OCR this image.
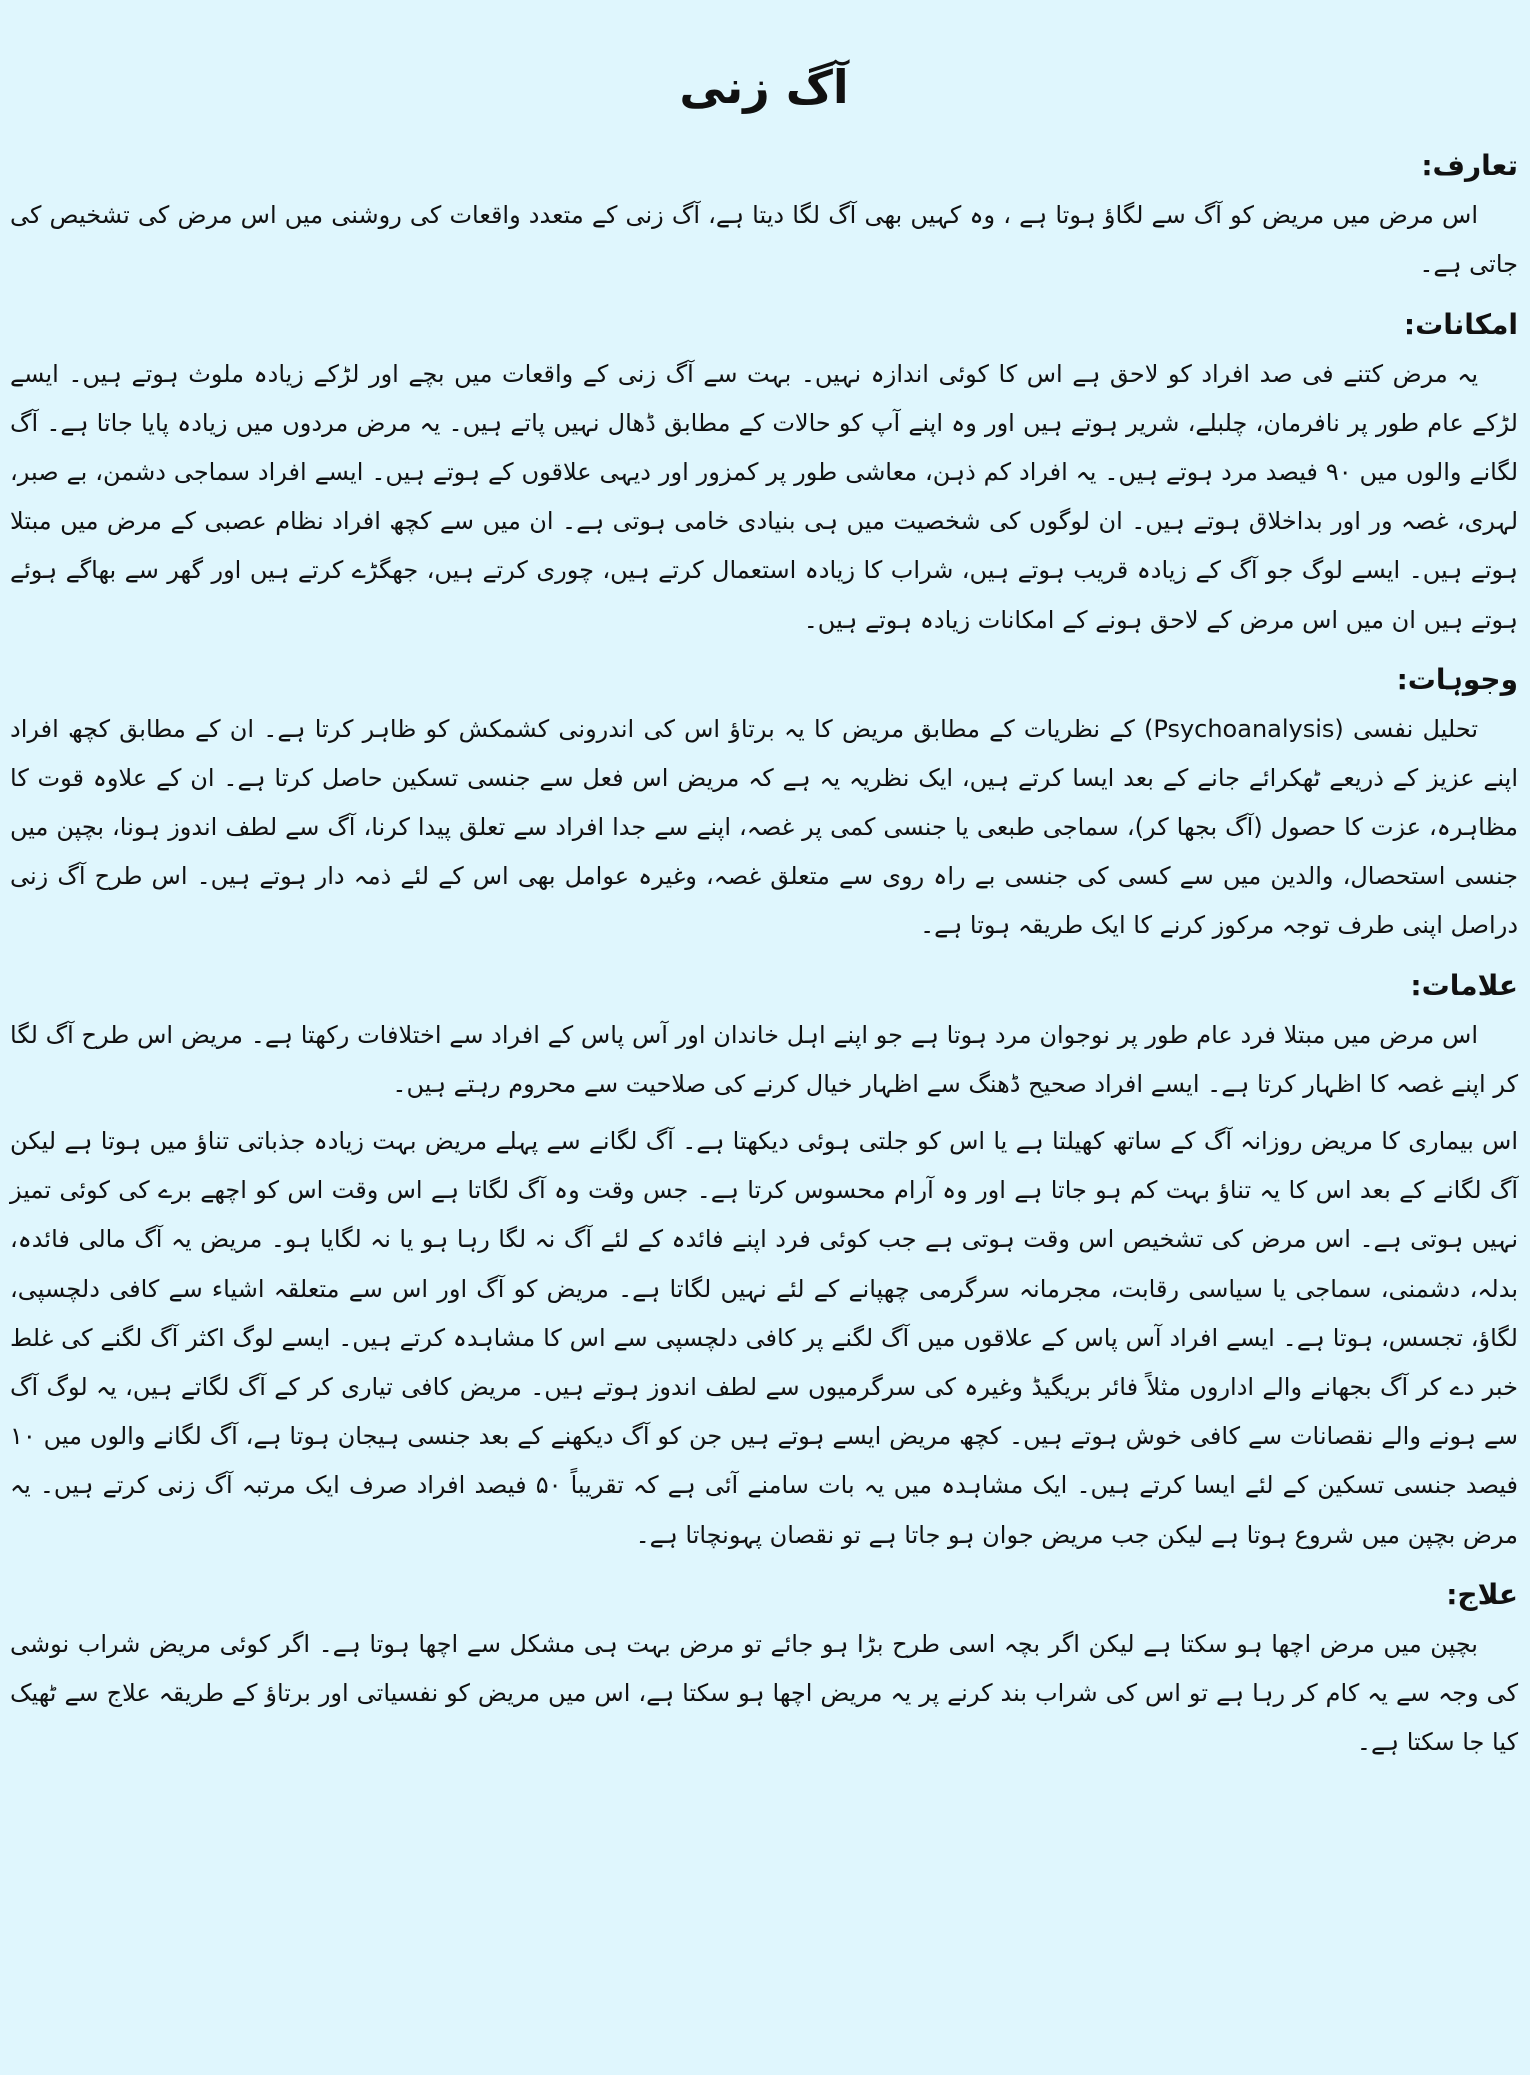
آگ زنی
تعارف:

اس مرض میں مریض کو آگ سے لگاؤ ہوتا ہے ، وہ کہیں بھی آگ لگا دیتا ہے، آگ زنی کے متعدد واقعات کی روشنی میں اس مرض کی تشخیص کی جاتی ہے۔

امکانات:

یہ مرض کتنے فی صد افراد کو لاحق ہے اس کا کوئی اندازہ نہیں۔ بہت سے آگ زنی کے واقعات میں بچے اور لڑکے زیادہ ملوث ہوتے ہیں۔ ایسے لڑکے عام طور پر نافرمان، چلبلے، شریر ہوتے ہیں اور وہ اپنے آپ کو حالات کے مطابق ڈھال نہیں پاتے ہیں۔ یہ مرض مردوں میں زیادہ پایا جاتا ہے۔ آگ لگانے والوں میں ۹۰ فیصد مرد ہوتے ہیں۔ یہ افراد کم ذہن، معاشی طور پر کمزور اور دیہی علاقوں کے ہوتے ہیں۔ ایسے افراد سماجی دشمن، بے صبر، لہری، غصہ ور اور بداخلاق ہوتے ہیں۔ ان لوگوں کی شخصیت میں ہی بنیادی خامی ہوتی ہے۔ ان میں سے کچھ افراد نظام عصبی کے مرض میں مبتلا ہوتے ہیں۔ ایسے لوگ جو آگ کے زیادہ قریب ہوتے ہیں، شراب کا زیادہ استعمال کرتے ہیں، چوری کرتے ہیں، جھگڑے کرتے ہیں اور گھر سے بھاگے ہوئے ہوتے ہیں ان میں اس مرض کے لاحق ہونے کے امکانات زیادہ ہوتے ہیں۔

وجوہات:

تحلیل نفسی (Psychoanalysis) کے نظریات کے مطابق مریض کا یہ برتاؤ اس کی اندرونی کشمکش کو ظاہر کرتا ہے۔ ان کے مطابق کچھ افراد اپنے عزیز کے ذریعے ٹھکرائے جانے کے بعد ایسا کرتے ہیں، ایک نظریہ یہ ہے کہ مریض اس فعل سے جنسی تسکین حاصل کرتا ہے۔ ان کے علاوہ قوت کا مظاہرہ، عزت کا حصول (آگ بجھا کر)، سماجی طبعی یا جنسی کمی پر غصہ، اپنے سے جدا افراد سے تعلق پیدا کرنا، آگ سے لطف اندوز ہونا، بچپن میں جنسی استحصال، والدین میں سے کسی کی جنسی بے راہ روی سے متعلق غصہ، وغیرہ عوامل بھی اس کے لئے ذمہ دار ہوتے ہیں۔ اس طرح آگ زنی دراصل اپنی طرف توجہ مرکوز کرنے کا ایک طریقہ ہوتا ہے۔

علامات:

اس مرض میں مبتلا فرد عام طور پر نوجوان مرد ہوتا ہے جو اپنے اہل خاندان اور آس پاس کے افراد سے اختلافات رکھتا ہے۔ مریض اس طرح آگ لگا کر اپنے غصہ کا اظہار کرتا ہے۔ ایسے افراد صحیح ڈھنگ سے اظہار خیال کرنے کی صلاحیت سے محروم رہتے ہیں۔

اس بیماری کا مریض روزانہ آگ کے ساتھ کھیلتا ہے یا اس کو جلتی ہوئی دیکھتا ہے۔ آگ لگانے سے پہلے مریض بہت زیادہ جذباتی تناؤ میں ہوتا ہے لیکن آگ لگانے کے بعد اس کا یہ تناؤ بہت کم ہو جاتا ہے اور وہ آرام محسوس کرتا ہے۔ جس وقت وہ آگ لگاتا ہے اس وقت اس کو اچھے برے کی کوئی تمیز نہیں ہوتی ہے۔ اس مرض کی تشخیص اس وقت ہوتی ہے جب کوئی فرد اپنے فائدہ کے لئے آگ نہ لگا رہا ہو یا نہ لگایا ہو۔ مریض یہ آگ مالی فائدہ، بدلہ، دشمنی، سماجی یا سیاسی رقابت، مجرمانہ سرگرمی چھپانے کے لئے نہیں لگاتا ہے۔ مریض کو آگ اور اس سے متعلقہ اشیاء سے کافی دلچسپی، لگاؤ، تجسس، ہوتا ہے۔ ایسے افراد آس پاس کے علاقوں میں آگ لگنے پر کافی دلچسپی سے اس کا مشاہدہ کرتے ہیں۔ ایسے لوگ اکثر آگ لگنے کی غلط خبر دے کر آگ بجھانے والے اداروں مثلاً فائر بریگیڈ وغیرہ کی سرگرمیوں سے لطف اندوز ہوتے ہیں۔ مریض کافی تیاری کر کے آگ لگاتے ہیں، یہ لوگ آگ سے ہونے والے نقصانات سے کافی خوش ہوتے ہیں۔ کچھ مریض ایسے ہوتے ہیں جن کو آگ دیکھنے کے بعد جنسی ہیجان ہوتا ہے، آگ لگانے والوں میں ۱۰ فیصد جنسی تسکین کے لئے ایسا کرتے ہیں۔ ایک مشاہدہ میں یہ بات سامنے آئی ہے کہ تقریباً ۵۰ فیصد افراد صرف ایک مرتبہ آگ زنی کرتے ہیں۔ یہ مرض بچپن میں شروع ہوتا ہے لیکن جب مریض جوان ہو جاتا ہے تو نقصان پہونچاتا ہے۔

علاج:

بچپن میں مرض اچھا ہو سکتا ہے لیکن اگر بچہ اسی طرح بڑا ہو جائے تو مرض بہت ہی مشکل سے اچھا ہوتا ہے۔ اگر کوئی مریض شراب نوشی کی وجہ سے یہ کام کر رہا ہے تو اس کی شراب بند کرنے پر یہ مریض اچھا ہو سکتا ہے، اس میں مریض کو نفسیاتی اور برتاؤ کے طریقہ علاج سے ٹھیک کیا جا سکتا ہے۔
